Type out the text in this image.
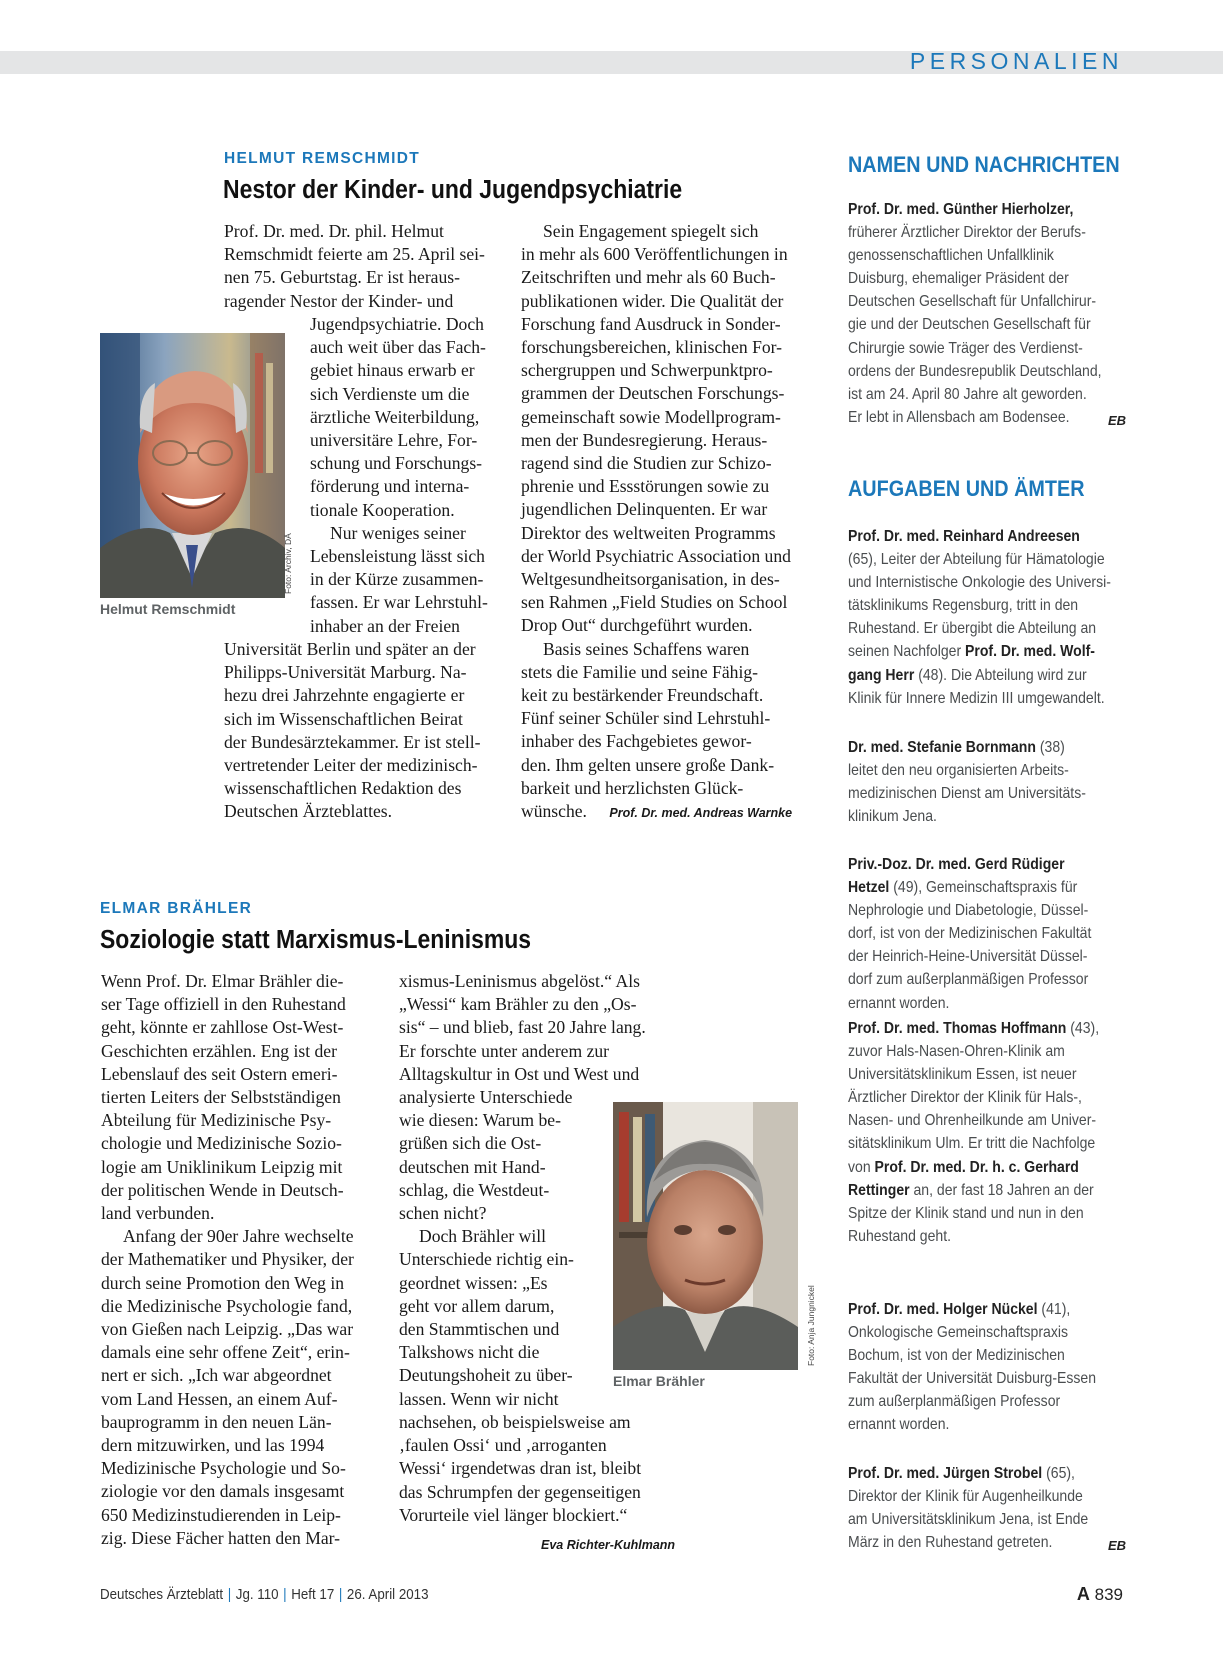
PERSONALIEN
HELMUT REMSCHMIDT
Nestor der Kinder- und Jugendpsychiatrie
Prof. Dr. med. Dr. phil. Helmut
Remschmidt feierte am 25. April sei-
nen 75. Geburtstag. Er ist heraus-
ragender Nestor der Kinder- und
Foto: Archiv, DÄ
Helmut Remschmidt
Jugendpsychiatrie. Doch
auch weit über das Fach-
gebiet hinaus erwarb er
sich Verdienste um die
ärztliche Weiterbildung,
universitäre Lehre, For-
schung und Forschungs-
förderung und interna-
tionale Kooperation.
Nur weniges seiner
Lebensleistung lässt sich
in der Kürze zusammen-
fassen. Er war Lehrstuhl-
inhaber an der Freien
Universität Berlin und später an der
Philipps-Universität Marburg. Na-
hezu drei Jahrzehnte engagierte er
sich im Wissenschaftlichen Beirat
der Bundesärztekammer. Er ist stell-
vertretender Leiter der medizinisch-
wissenschaftlichen Redaktion des
Deutschen Ärzteblattes.
Sein Engagement spiegelt sich
in mehr als 600 Veröffentlichungen in
Zeitschriften und mehr als 60 Buch-
publikationen wider. Die Qualität der
Forschung fand Ausdruck in Sonder-
forschungsbereichen, klinischen For-
schergruppen und Schwerpunktpro-
grammen der Deutschen Forschungs-
gemeinschaft sowie Modellprogram-
men der Bundesregierung. Heraus-
ragend sind die Studien zur Schizo-
phrenie und Essstörungen sowie zu
jugendlichen Delinquenten. Er war
Direktor des weltweiten Programms
der World Psychiatric Association und
Weltgesundheitsorganisation, in des-
sen Rahmen „Field Studies on School
Drop Out“ durchgeführt wurden.
Basis seines Schaffens waren
stets die Familie und seine Fähig-
keit zu bestärkender Freundschaft.
Fünf seiner Schüler sind Lehrstuhl-
inhaber des Fachgebietes gewor-
den. Ihm gelten unsere große Dank-
barkeit und herzlichsten Glück-
wünsche. Prof. Dr. med. Andreas Warnke
ELMAR BRÄHLER
Soziologie statt Marxismus-Leninismus
Wenn Prof. Dr. Elmar Brähler die-
ser Tage offiziell in den Ruhestand
geht, könnte er zahllose Ost-West-
Geschichten erzählen. Eng ist der
Lebenslauf des seit Ostern emeri-
tierten Leiters der Selbstständigen
Abteilung für Medizinische Psy-
chologie und Medizinische Sozio-
logie am Uniklinikum Leipzig mit
der politischen Wende in Deutsch-
land verbunden.
Anfang der 90er Jahre wechselte
der Mathematiker und Physiker, der
durch seine Promotion den Weg in
die Medizinische Psychologie fand,
von Gießen nach Leipzig. „Das war
damals eine sehr offene Zeit“, erin-
nert er sich. „Ich war abgeordnet
vom Land Hessen, an einem Auf-
bauprogramm in den neuen Län-
dern mitzuwirken, und las 1994
Medizinische Psychologie und So-
ziologie vor den damals insgesamt
650 Medizinstudierenden in Leip-
zig. Diese Fächer hatten den Mar-
xismus-Leninismus abgelöst.“ Als
„Wessi“ kam Brähler zu den „Os-
sis“ – und blieb, fast 20 Jahre lang.
Er forschte unter anderem zur
Alltagskultur in Ost und West und
analysierte Unterschiede
wie diesen: Warum be-
grüßen sich die Ost-
deutschen mit Hand-
schlag, die Westdeut-
schen nicht?
Doch Brähler will
Unterschiede richtig ein-
geordnet wissen: „Es
geht vor allem darum,
den Stammtischen und
Talkshows nicht die
Deutungshoheit zu über-
lassen. Wenn wir nicht
nachsehen, ob beispielsweise am
‚faulen Ossi‘ und ‚arroganten
Wessi‘ irgendetwas dran ist, bleibt
das Schrumpfen der gegenseitigen
Vorurteile viel länger blockiert.“
Eva Richter-Kuhlmann
Foto: Anja Jungnickel
Elmar Brähler
NAMEN UND NACHRICHTEN
Prof. Dr. med. Günther Hierholzer,
früherer Ärztlicher Direktor der Berufs-
genossenschaftlichen Unfallklinik
Duisburg, ehemaliger Präsident der
Deutschen Gesellschaft für Unfallchirur-
gie und der Deutschen Gesellschaft für
Chirurgie sowie Träger des Verdienst-
ordens der Bundesrepublik Deutschland,
ist am 24. April 80 Jahre alt geworden.
Er lebt in Allensbach am Bodensee.	EB
AUFGABEN UND ÄMTER
Prof. Dr. med. Reinhard Andreesen
(65), Leiter der Abteilung für Hämatologie
und Internistische Onkologie des Universi-
tätsklinikums Regensburg, tritt in den
Ruhestand. Er übergibt die Abteilung an
seinen Nachfolger Prof. Dr. med. Wolf-
gang Herr (48). Die Abteilung wird zur
Klinik für Innere Medizin III umgewandelt.
Dr. med. Stefanie Bornmann (38)
leitet den neu organisierten Arbeits-
medizinischen Dienst am Universitäts-
klinikum Jena.
Priv.-Doz. Dr. med. Gerd Rüdiger
Hetzel (49), Gemeinschaftspraxis für
Nephrologie und Diabetologie, Düssel-
dorf, ist von der Medizinischen Fakultät
der Heinrich-Heine-Universität Düssel-
dorf zum außerplanmäßigen Professor
ernannt worden.
Prof. Dr. med. Thomas Hoffmann (43),
zuvor Hals-Nasen-Ohren-Klinik am
Universitätsklinikum Essen, ist neuer
Ärztlicher Direktor der Klinik für Hals-,
Nasen- und Ohrenheilkunde am Univer-
sitätsklinikum Ulm. Er tritt die Nachfolge
von Prof. Dr. med. Dr. h. c. Gerhard
Rettinger an, der fast 18 Jahren an der
Spitze der Klinik stand und nun in den
Ruhestand geht.
Prof. Dr. med. Holger Nückel (41),
Onkologische Gemeinschaftspraxis
Bochum, ist von der Medizinischen
Fakultät der Universität Duisburg-Essen
zum außerplanmäßigen Professor
ernannt worden.
Prof. Dr. med. Jürgen Strobel (65),
Direktor der Klinik für Augenheilkunde
am Universitätsklinikum Jena, ist Ende
März in den Ruhestand getreten.	EB
Deutsches Ärzteblatt | Jg. 110 | Heft 17 | 26. April 2013	A 839
